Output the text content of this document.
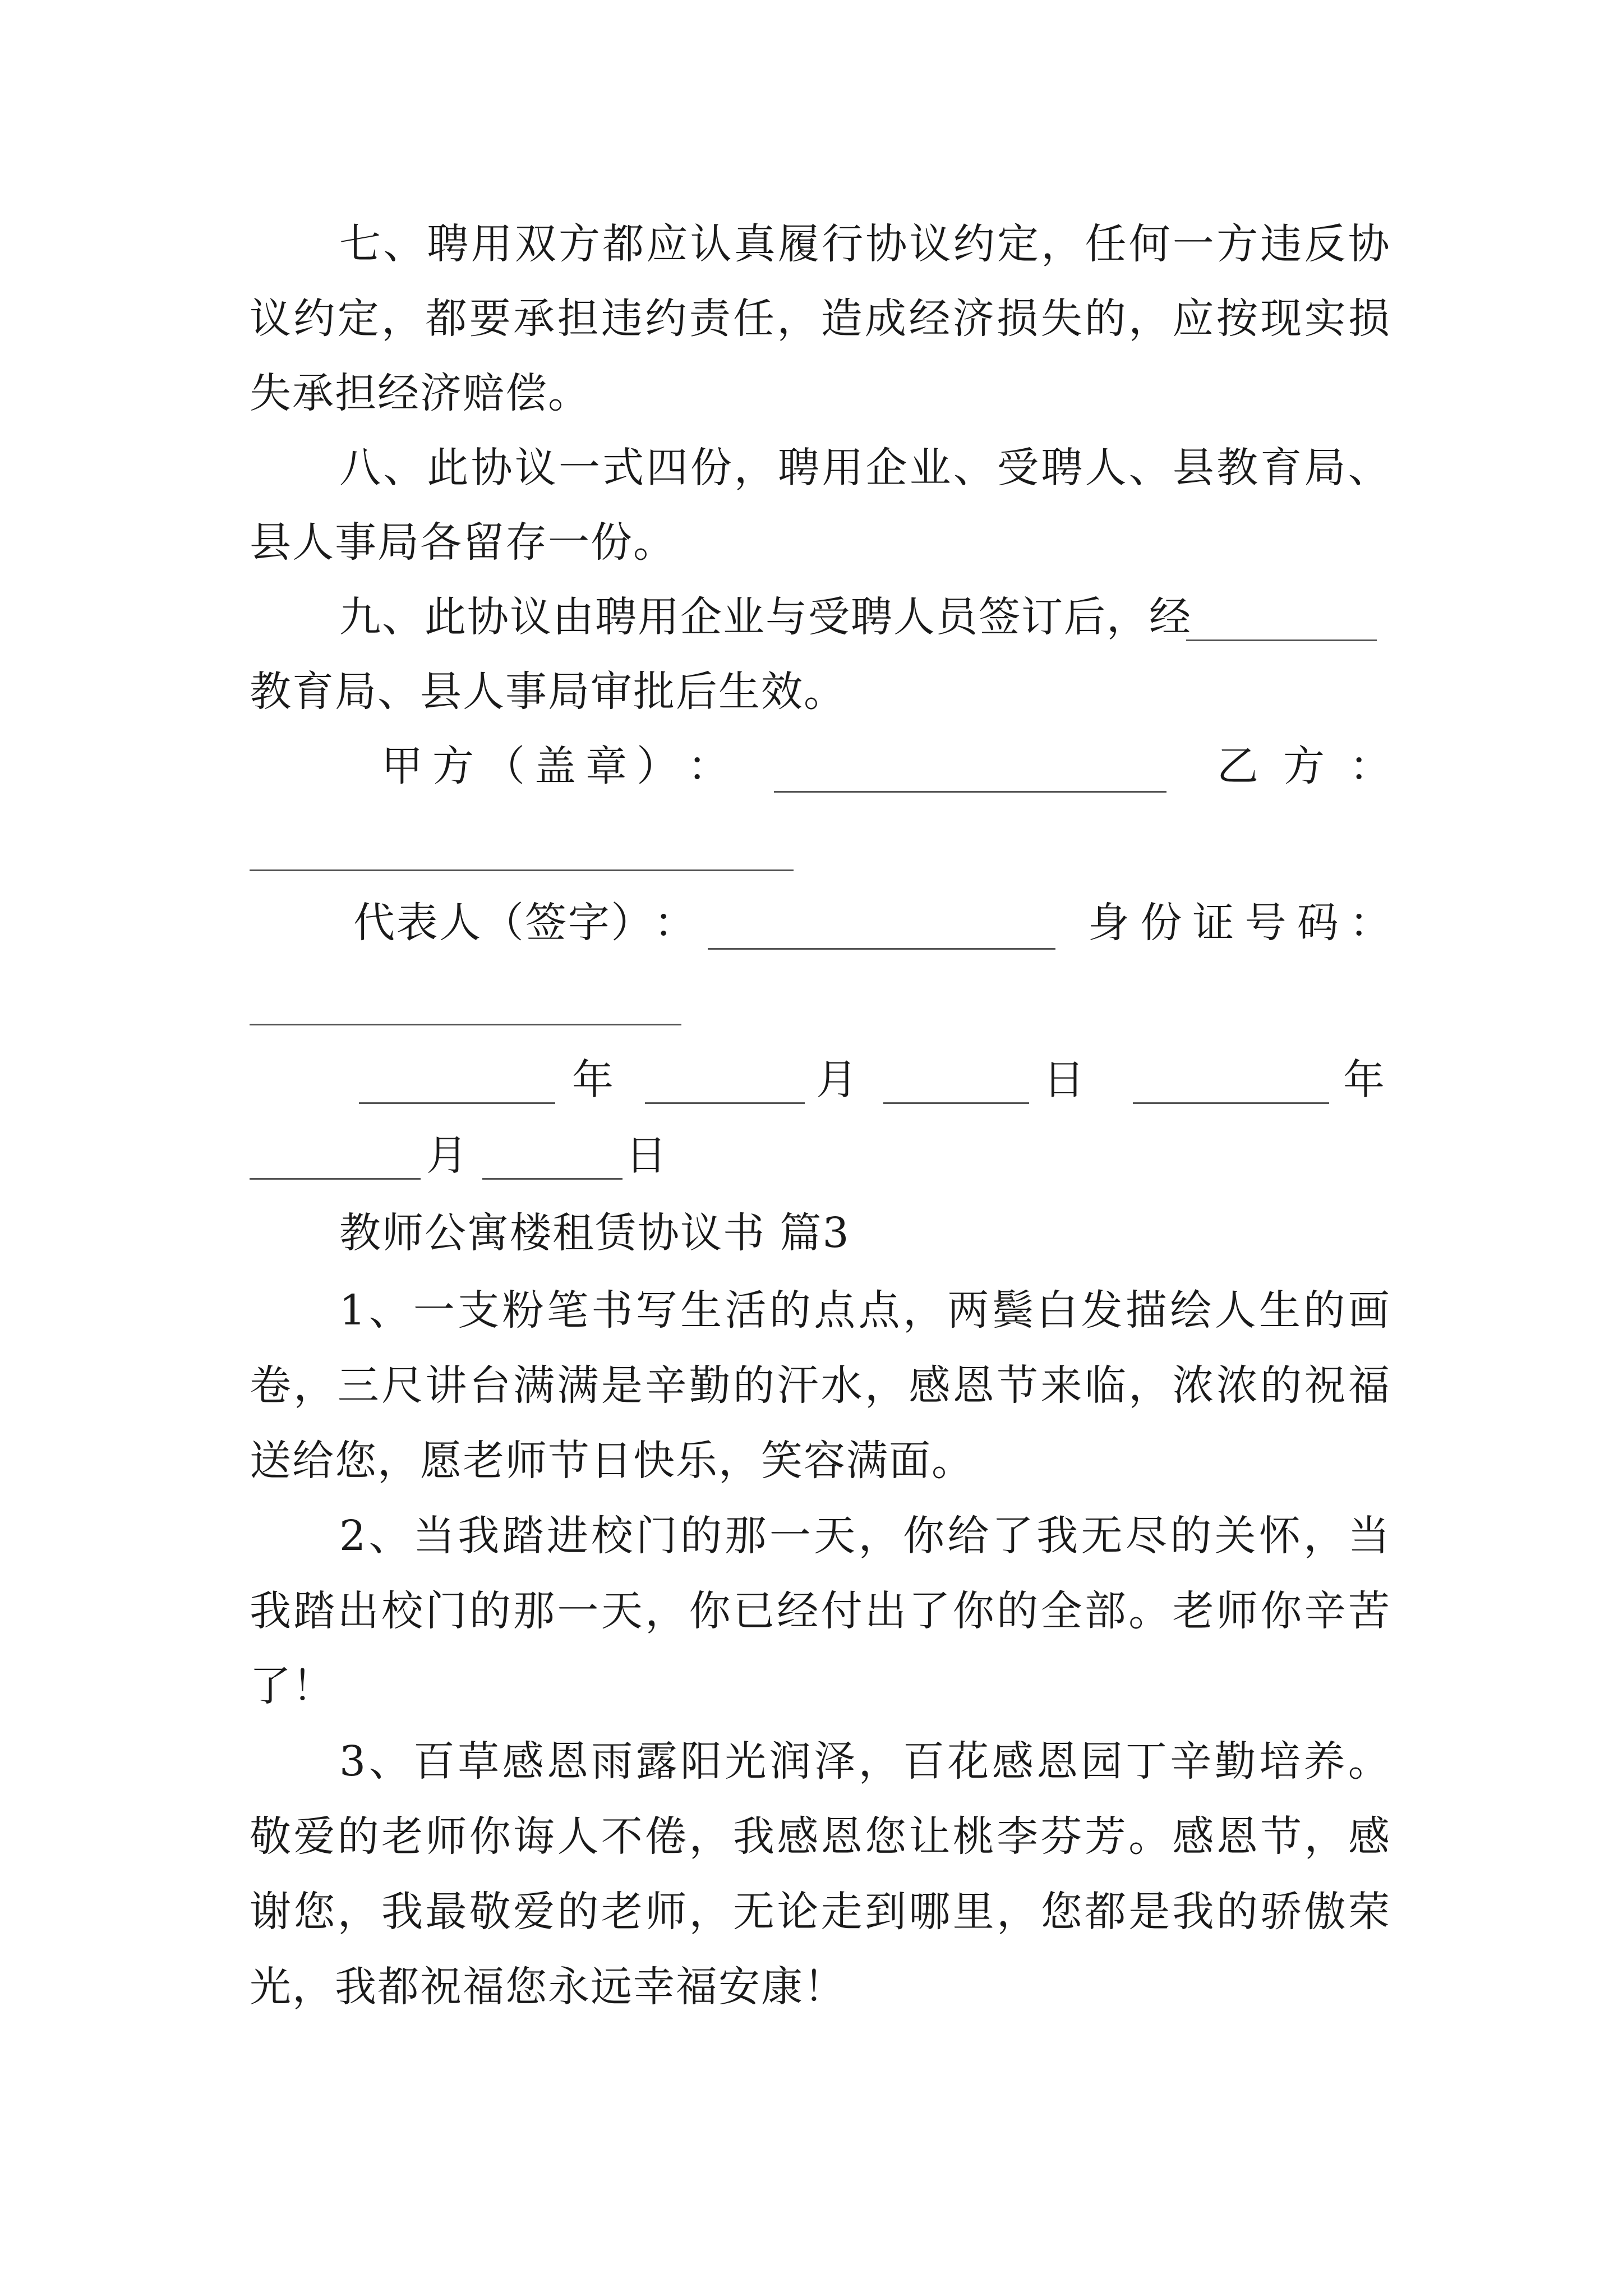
七 、 聘 用 双 方 都 应 认 真 履 行 协 议 约 定 ， 任 何 一 方 违 反 协
议 约 定 ， 都 要 承 担 违 约 责 任 ， 造 成 经 济 损 失 的 ， 应 按 现 实 损
失承担经济赔偿。
八 、 此 协 议 一 式 四 份 ， 聘 用 企 业 、 受 聘 人 、 县 教 育 局 、
县人事局各留存一份。
九、此协议由聘用企业与受聘人员签订后，经
教育局、县人事局审批后生效。
甲 方 （ 盖 章 ） ：	乙 方 ：
代 表 人 （ 签 字 ） ：	身 份 证 号 码 ：
年	月	日	年
月	日
教师公寓楼租赁协议书 篇3
1 、 一 支 粉 笔 书 写 生 活 的 点 点 ， 两 鬓 白 发 描 绘 人 生 的 画
卷 ， 三 尺 讲 台 满 满 是 辛 勤 的 汗 水 ， 感 恩 节 来 临 ， 浓 浓 的 祝 福
送给您，愿老师节日快乐，笑容满面。
2 、 当 我 踏 进 校 门 的 那 一 天 ， 你 给 了 我 无 尽 的 关 怀 ， 当
我 踏 出 校 门 的 那 一 天 ， 你 已 经 付 出 了 你 的 全 部 。 老 师 你 辛 苦
了！
3 、 百 草 感 恩 雨 露 阳 光 润 泽 ， 百 花 感 恩 园 丁 辛 勤 培 养 。
敬 爱 的 老 师 你 诲 人 不 倦 ， 我 感 恩 您 让 桃 李 芬 芳 。 感 恩 节 ， 感
谢 您 ， 我 最 敬 爱 的 老 师 ， 无 论 走 到 哪 里 ， 您 都 是 我 的 骄 傲 荣
光，我都祝福您永远幸福安康！
